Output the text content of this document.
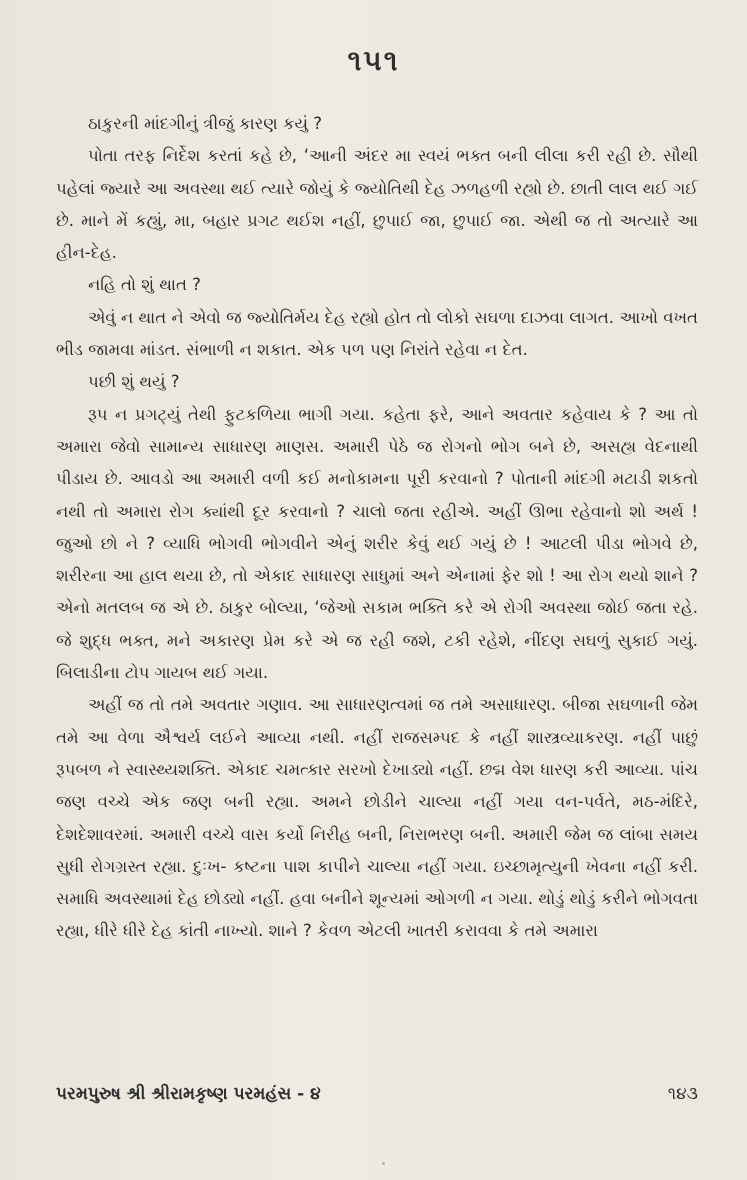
૧૫૧

ઠાકુરની માંદગીનું ત્રીજું કારણ કયું ?

પોતા તરફ નિર્દેશ કરતાં કહે છે, ‘આની અંદર મા સ્વયં ભક્ત બની લીલા કરી રહી છે. સૌથી પહેલાં જ્યારે આ અવસ્થા થઈ ત્યારે જોયું કે જ્યોતિથી દેહ ઝળહળી રહ્યો છે. છાતી લાલ થઈ ગઈ છે. માને મેં કહ્યું, મા, બહાર પ્રગટ થઈશ નહીં, છુપાઈ જા, છુપાઈ જા. એથી જ તો અત્યારે આ હીન-દેહ.

નહિ તો શું થાત ?

એવું ન થાત ને એવો જ જ્યોતિર્મય દેહ રહ્યો હોત તો લોકો સઘળા દાઝવા લાગત. આખો વખત ભીડ જામવા માંડત. સંભાળી ન શકાત. એક પળ પણ નિરાંતે રહેવા ન દેત.

પછી શું થયું ?

રૂપ ન પ્રગટ્યું તેથી ફુટકળિયા ભાગી ગયા. કહેતા ફરે, આને અવતાર કહેવાય કે ? આ તો અમારા જેવો સામાન્ય સાધારણ માણસ. અમારી પેઠે જ રોગનો ભોગ બને છે, અસહ્ય વેદનાથી પીડાય છે. આવડો આ અમારી વળી કઈ મનોકામના પૂરી કરવાનો ? પોતાની માંદગી મટાડી શકતો નથી તો અમારા રોગ ક્યાંથી દૂર કરવાનો ? ચાલો જતા રહીએ. અહીં ઊભા રહેવાનો શો અર્થ ! જુઓ છો ને ? વ્યાધિ ભોગવી ભોગવીને એનું શરીર કેવું થઈ ગયું છે ! આટલી પીડા ભોગવે છે, શરીરના આ હાલ થયા છે, તો એકાદ સાધારણ સાધુમાં અને એનામાં ફેર શો ! આ રોગ થયો શાને ? એનો મતલબ જ એ છે. ઠાકુર બોલ્યા, ‘જેઓ સકામ ભક્તિ કરે એ રોગી અવસ્થા જોઈ જતા રહે. જે શુદ્ધ ભક્ત, મને અકારણ પ્રેમ કરે એ જ રહી જશે, ટકી રહેશે, નીંદણ સઘળું સુકાઈ ગયું. બિલાડીના ટોપ ગાયબ થઈ ગયા.

અહીં જ તો તમે અવતાર ગણાવ. આ સાધારણત્વમાં જ તમે અસાધારણ. બીજા સઘળાની જેમ તમે આ વેળા ઐશ્વર્ય લઈને આવ્યા નથી. નહીં રાજસમ્પદ કે નહીં શાસ્ત્રવ્યાકરણ. નહીં પાછું રૂપબળ ને સ્વાસ્થ્યશક્તિ. એકાદ ચમત્કાર સરખો દેખાડ્યો નહીં. છદ્મ વેશ ધારણ કરી આવ્યા. પાંચ જણ વચ્ચે એક જણ બની રહ્યા. અમને છોડીને ચાલ્યા નહીં ગયા વન-પર્વતે, મઠ-મંદિરે, દેશદેશાવરમાં. અમારી વચ્ચે વાસ કર્યો નિરીહ બની, નિરાભરણ બની. અમારી જેમ જ લાંબા સમય સુધી રોગગ્રસ્ત રહ્યા. દુઃખ- કષ્ટના પાશ કાપીને ચાલ્યા નહીં ગયા. ઇચ્છામૃત્યુની ખેવના નહીં કરી. સમાધિ અવસ્થામાં દેહ છોડ્યો નહીં. હવા બનીને શૂન્યમાં ઓગળી ન ગયા. થોડું થોડું કરીને ભોગવતા રહ્યા, ધીરે ધીરે દેહ કાંતી નાખ્યો. શાને ? કેવળ એટલી ખાતરી કરાવવા કે તમે અમારા

પરમપુરુષ શ્રી શ્રીરામકૃષ્ણ પરમહંસ - ૪	૧૪૩
